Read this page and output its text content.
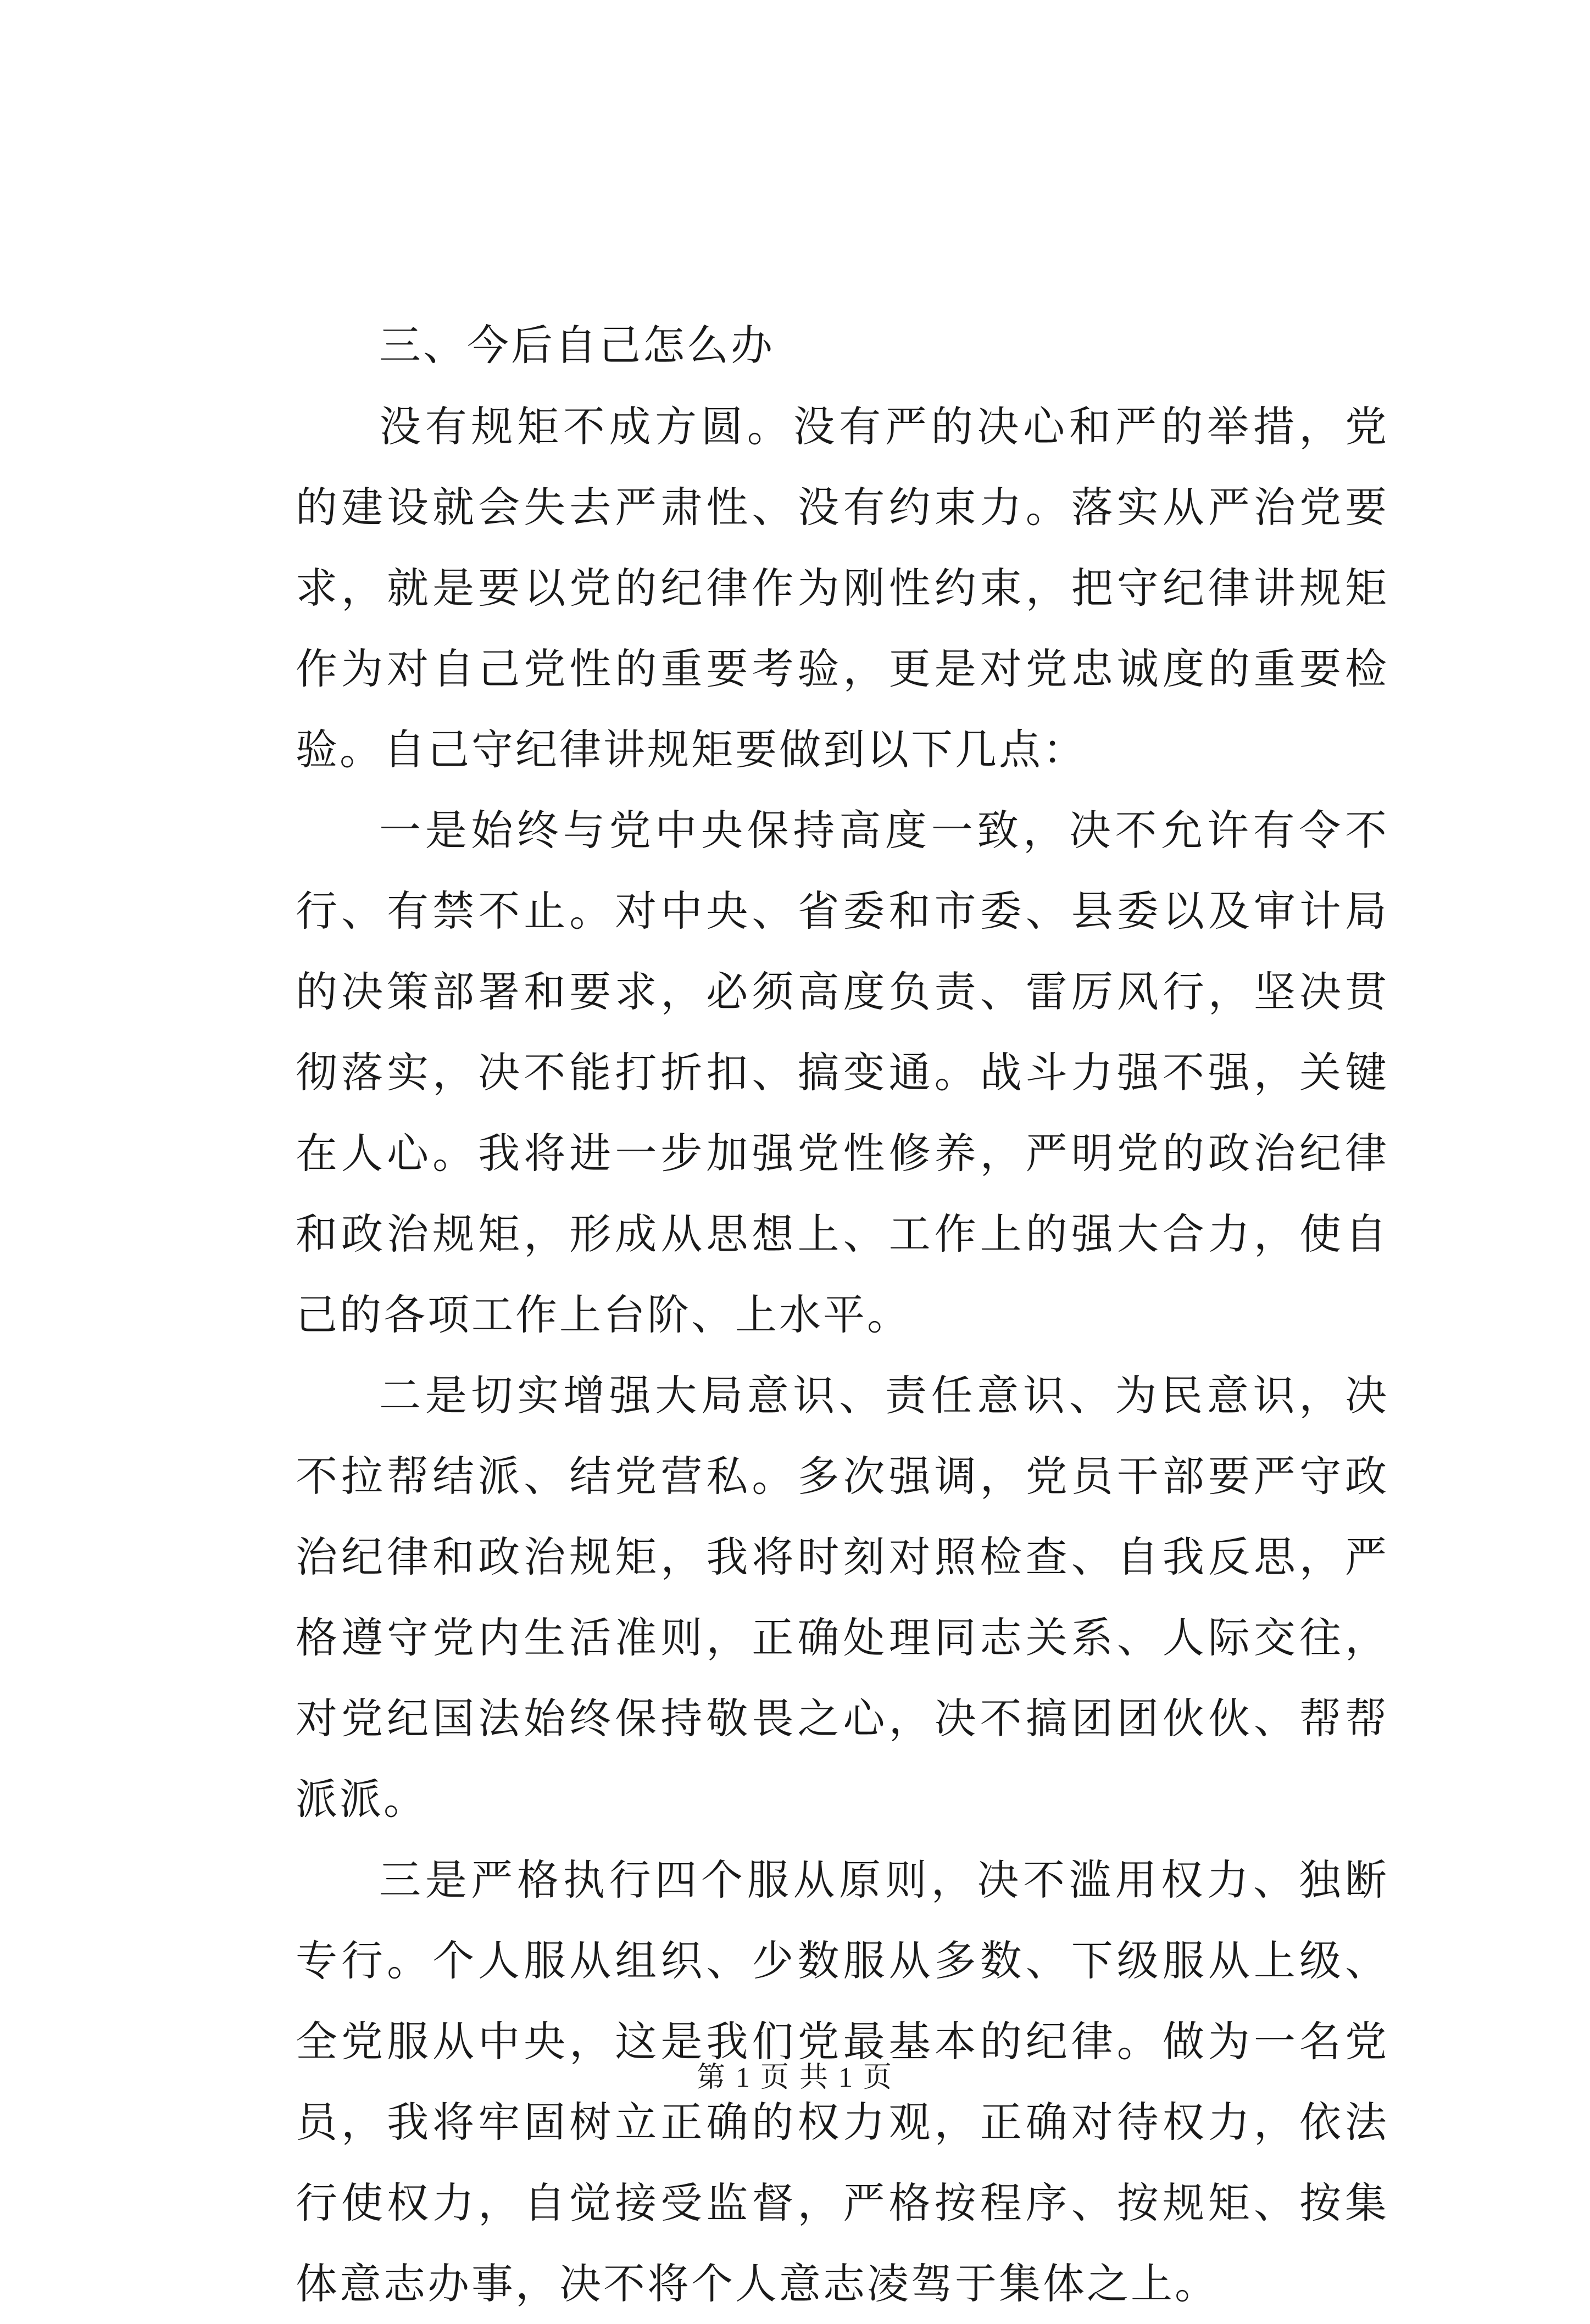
三、今后自己怎么办

没有规矩不成方圆。没有严的决心和严的举措，党的建设就会失去严肃性、没有约束力。落实从严治党要求，就是要以党的纪律作为刚性约束，把守纪律讲规矩作为对自己党性的重要考验，更是对党忠诚度的重要检验。自己守纪律讲规矩要做到以下几点：

一是始终与党中央保持高度一致，决不允许有令不行、有禁不止。对中央、省委和市委、县委以及审计局的决策部署和要求，必须高度负责、雷厉风行，坚决贯彻落实，决不能打折扣、搞变通。战斗力强不强，关键在人心。我将进一步加强党性修养，严明党的政治纪律和政治规矩，形成从思想上、工作上的强大合力，使自己的各项工作上台阶、上水平。

二是切实增强大局意识、责任意识、为民意识，决不拉帮结派、结党营私。多次强调，党员干部要严守政治纪律和政治规矩，我将时刻对照检查、自我反思，严格遵守党内生活准则，正确处理同志关系、人际交往，对党纪国法始终保持敬畏之心，决不搞团团伙伙、帮帮派派。

三是严格执行四个服从原则，决不滥用权力、独断专行。个人服从组织、少数服从多数、下级服从上级、全党服从中央，这是我们党最基本的纪律。做为一名党员，我将牢固树立正确的权力观，正确对待权力，依法行使权力，自觉接受监督，严格按程序、按规矩、按集体意志办事，决不将个人意志凌驾于集体之上。

第 1 页 共 1 页
